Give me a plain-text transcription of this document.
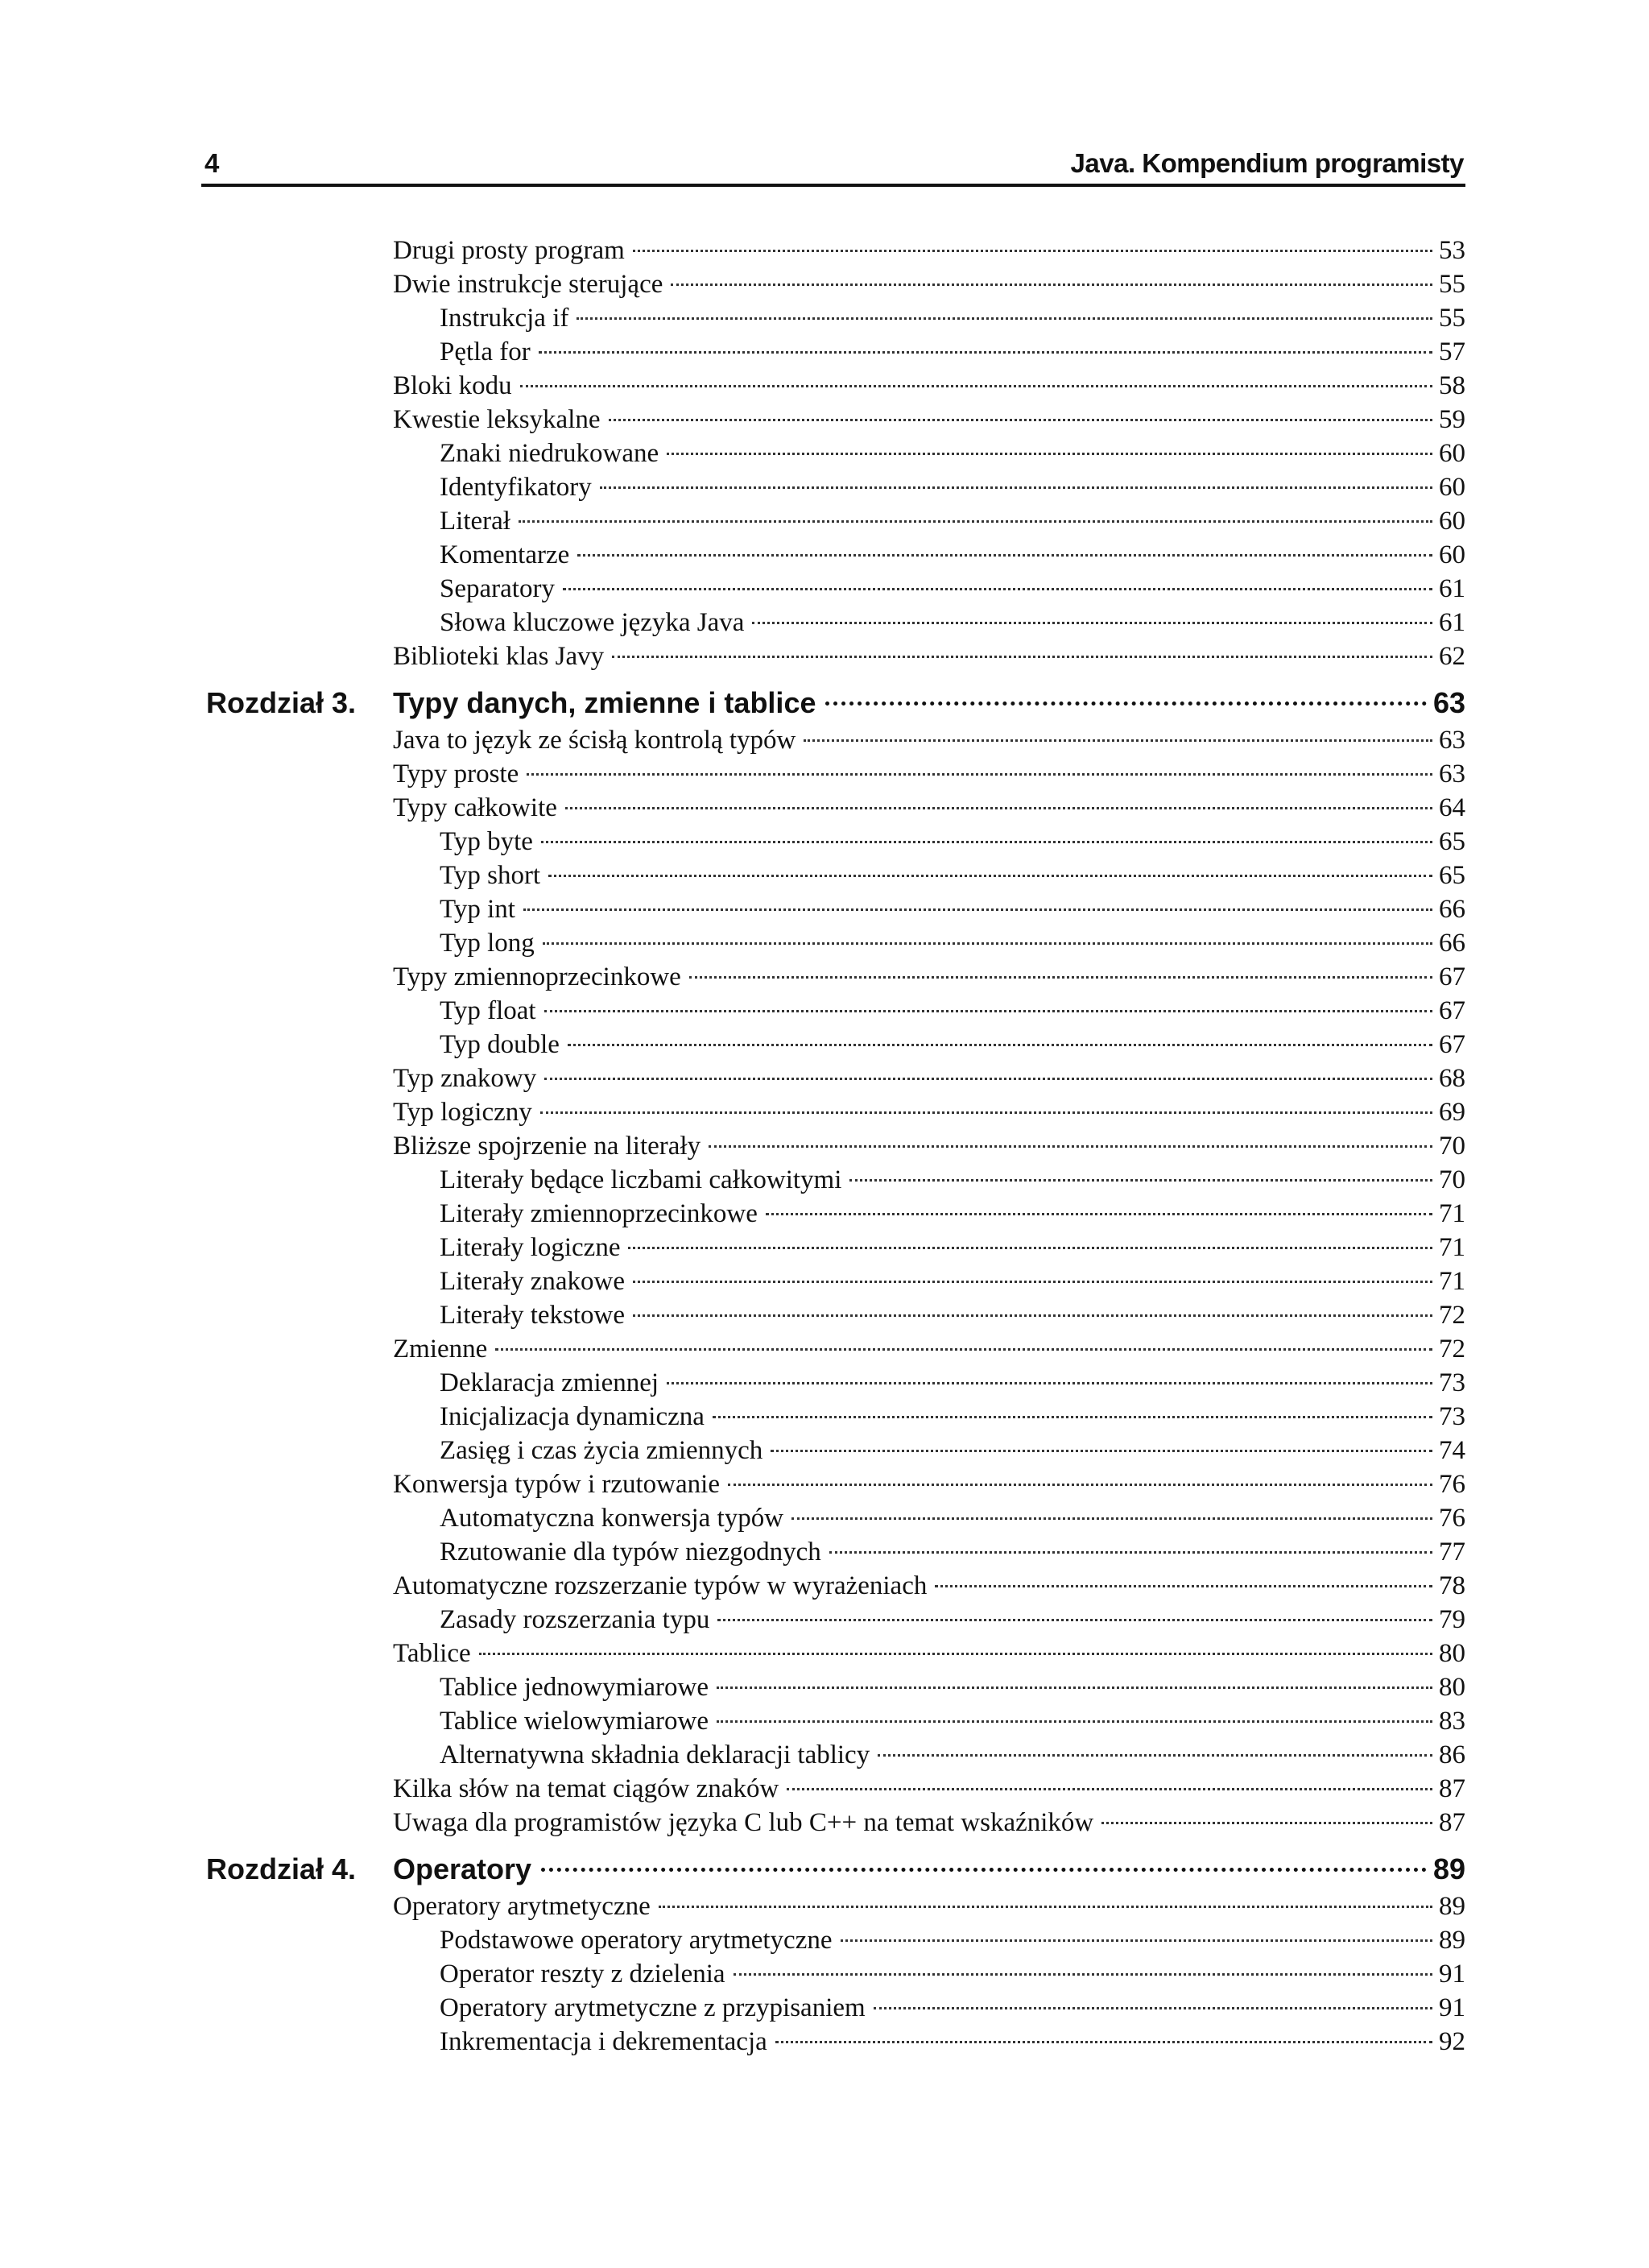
4	Java. Kompendium programisty
Drugi prosty program	53
Dwie instrukcje sterujące	55
Instrukcja if	55
Pętla for	57
Bloki kodu	58
Kwestie leksykalne	59
Znaki niedrukowane	60
Identyfikatory	60
Literał	60
Komentarze	60
Separatory	61
Słowa kluczowe języka Java	61
Biblioteki klas Javy	62
Rozdział 3. Typy danych, zmienne i tablice	63
Java to język ze ścisłą kontrolą typów	63
Typy proste	63
Typy całkowite	64
Typ byte	65
Typ short	65
Typ int	66
Typ long	66
Typy zmiennoprzecinkowe	67
Typ float	67
Typ double	67
Typ znakowy	68
Typ logiczny	69
Bliższe spojrzenie na literały	70
Literały będące liczbami całkowitymi	70
Literały zmiennoprzecinkowe	71
Literały logiczne	71
Literały znakowe	71
Literały tekstowe	72
Zmienne	72
Deklaracja zmiennej	73
Inicjalizacja dynamiczna	73
Zasięg i czas życia zmiennych	74
Konwersja typów i rzutowanie	76
Automatyczna konwersja typów	76
Rzutowanie dla typów niezgodnych	77
Automatyczne rozszerzanie typów w wyrażeniach	78
Zasady rozszerzania typu	79
Tablice	80
Tablice jednowymiarowe	80
Tablice wielowymiarowe	83
Alternatywna składnia deklaracji tablicy	86
Kilka słów na temat ciągów znaków	87
Uwaga dla programistów języka C lub C++ na temat wskaźników	87
Rozdział 4. Operatory	89
Operatory arytmetyczne	89
Podstawowe operatory arytmetyczne	89
Operator reszty z dzielenia	91
Operatory arytmetyczne z przypisaniem	91
Inkrementacja i dekrementacja	92
